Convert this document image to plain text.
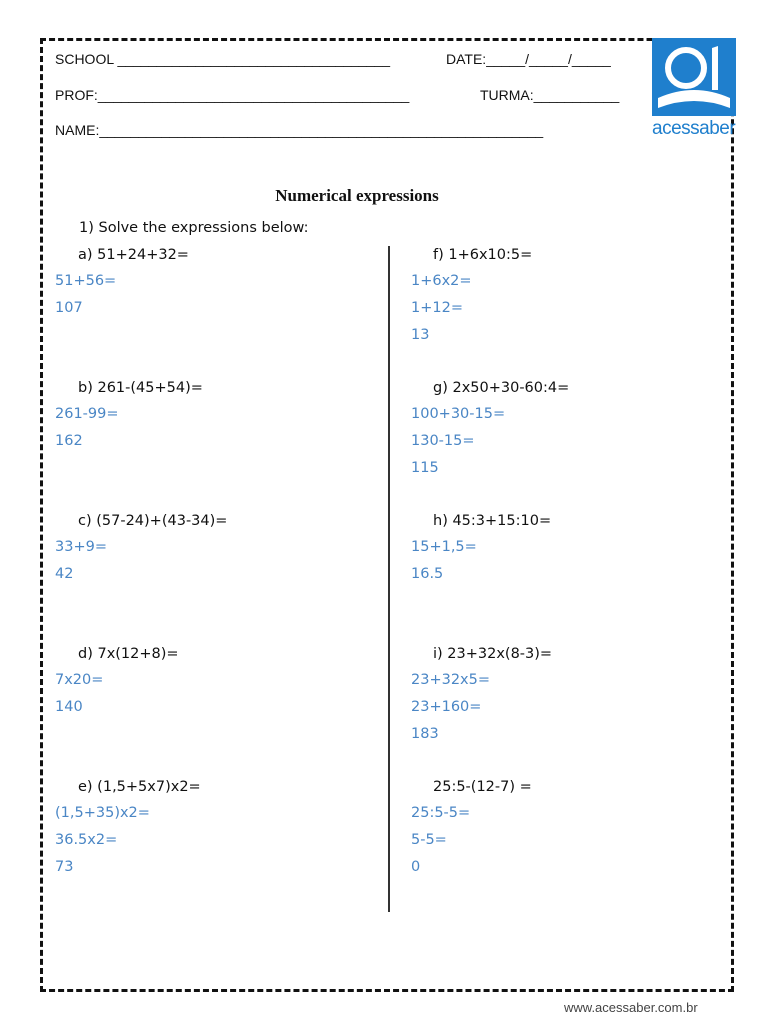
SCHOOL ___________________________________	DATE:_____/_____/_____
PROF:________________________________________	TURMA:___________
NAME:_________________________________________________________	acessaber
Numerical expressions
1) Solve the expressions below:
a) 51+24+32=
51+56=
107
b) 261-(45+54)=
261-99=
162
c) (57-24)+(43-34)=
33+9=
42
d) 7x(12+8)=
7x20=
140
e) (1,5+5x7)x2=
(1,5+35)x2=
36.5x2=
73
f) 1+6x10:5=
1+6x2=
1+12=
13
g) 2x50+30-60:4=
100+30-15=
130-15=
115
h) 45:3+15:10=
15+1,5=
16.5
i) 23+32x(8-3)=
23+32x5=
23+160=
183
25:5-(12-7) =
25:5-5=
5-5=
0
www.acessaber.com.br
